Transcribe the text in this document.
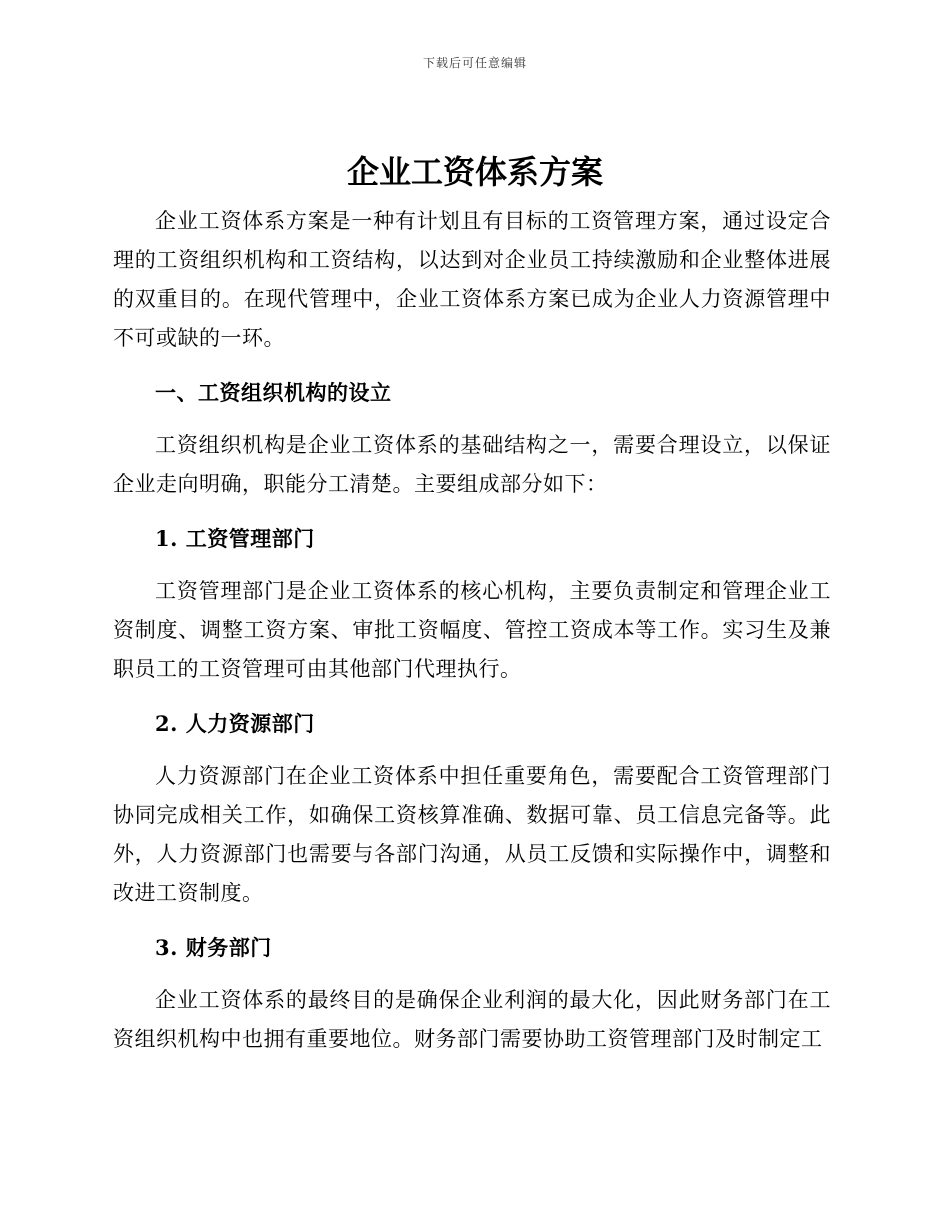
下载后可任意编辑
企业工资体系方案

企业工资体系方案是一种有计划且有目标的工资管理方案，通过设定合理的工资组织机构和工资结构，以达到对企业员工持续激励和企业整体进展的双重目的。在现代管理中，企业工资体系方案已成为企业人力资源管理中不可或缺的一环。

一、工资组织机构的设立

工资组织机构是企业工资体系的基础结构之一，需要合理设立，以保证企业走向明确，职能分工清楚。主要组成部分如下：

1. 工资管理部门

工资管理部门是企业工资体系的核心机构，主要负责制定和管理企业工资制度、调整工资方案、审批工资幅度、管控工资成本等工作。实习生及兼职员工的工资管理可由其他部门代理执行。

2. 人力资源部门

人力资源部门在企业工资体系中担任重要角色，需要配合工资管理部门协同完成相关工作，如确保工资核算准确、数据可靠、员工信息完备等。此外，人力资源部门也需要与各部门沟通，从员工反馈和实际操作中，调整和改进工资制度。

3. 财务部门

企业工资体系的最终目的是确保企业利润的最大化，因此财务部门在工资组织机构中也拥有重要地位。财务部门需要协助工资管理部门及时制定工
